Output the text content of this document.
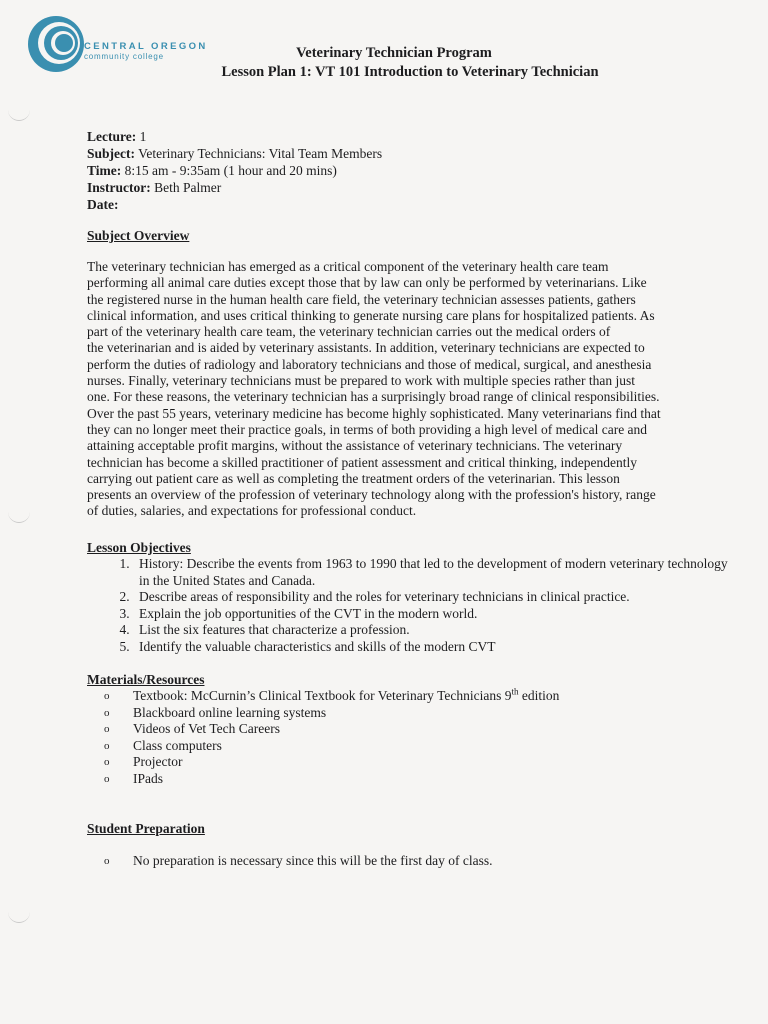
CENTRAL OREGON
community college	Veterinary Technician Program
Lesson Plan 1: VT 101 Introduction to Veterinary Technician
Lecture: 1
Subject: Veterinary Technicians: Vital Team Members
Time: 8:15 am - 9:35am (1 hour and 20 mins)
Instructor: Beth Palmer
Date:
Subject Overview
The veterinary technician has emerged as a critical component of the veterinary health care team
performing all animal care duties except those that by law can only be performed by veterinarians. Like
the registered nurse in the human health care field, the veterinary technician assesses patients, gathers
clinical information, and uses critical thinking to generate nursing care plans for hospitalized patients. As
part of the veterinary health care team, the veterinary technician carries out the medical orders of
the veterinarian and is aided by veterinary assistants. In addition, veterinary technicians are expected to
perform the duties of radiology and laboratory technicians and those of medical, surgical, and anesthesia
nurses. Finally, veterinary technicians must be prepared to work with multiple species rather than just
one. For these reasons, the veterinary technician has a surprisingly broad range of clinical responsibilities.
Over the past 55 years, veterinary medicine has become highly sophisticated. Many veterinarians find that
they can no longer meet their practice goals, in terms of both providing a high level of medical care and
attaining acceptable profit margins, without the assistance of veterinary technicians. The veterinary
technician has become a skilled practitioner of patient assessment and critical thinking, independently
carrying out patient care as well as completing the treatment orders of the veterinarian. This lesson
presents an overview of the profession of veterinary technology along with the profession's history, range
of duties, salaries, and expectations for professional conduct.
Lesson Objectives
1. History: Describe the events from 1963 to 1990 that led to the development of modern veterinary technology in the United States and Canada.
2. Describe areas of responsibility and the roles for veterinary technicians in clinical practice.
3. Explain the job opportunities of the CVT in the modern world.
4. List the six features that characterize a profession.
5. Identify the valuable characteristics and skills of the modern CVT
Materials/Resources
o Textbook: McCurnin’s Clinical Textbook for Veterinary Technicians 9th edition
o Blackboard online learning systems
o Videos of Vet Tech Careers
o Class computers
o Projector
o IPads
Student Preparation
o No preparation is necessary since this will be the first day of class.
